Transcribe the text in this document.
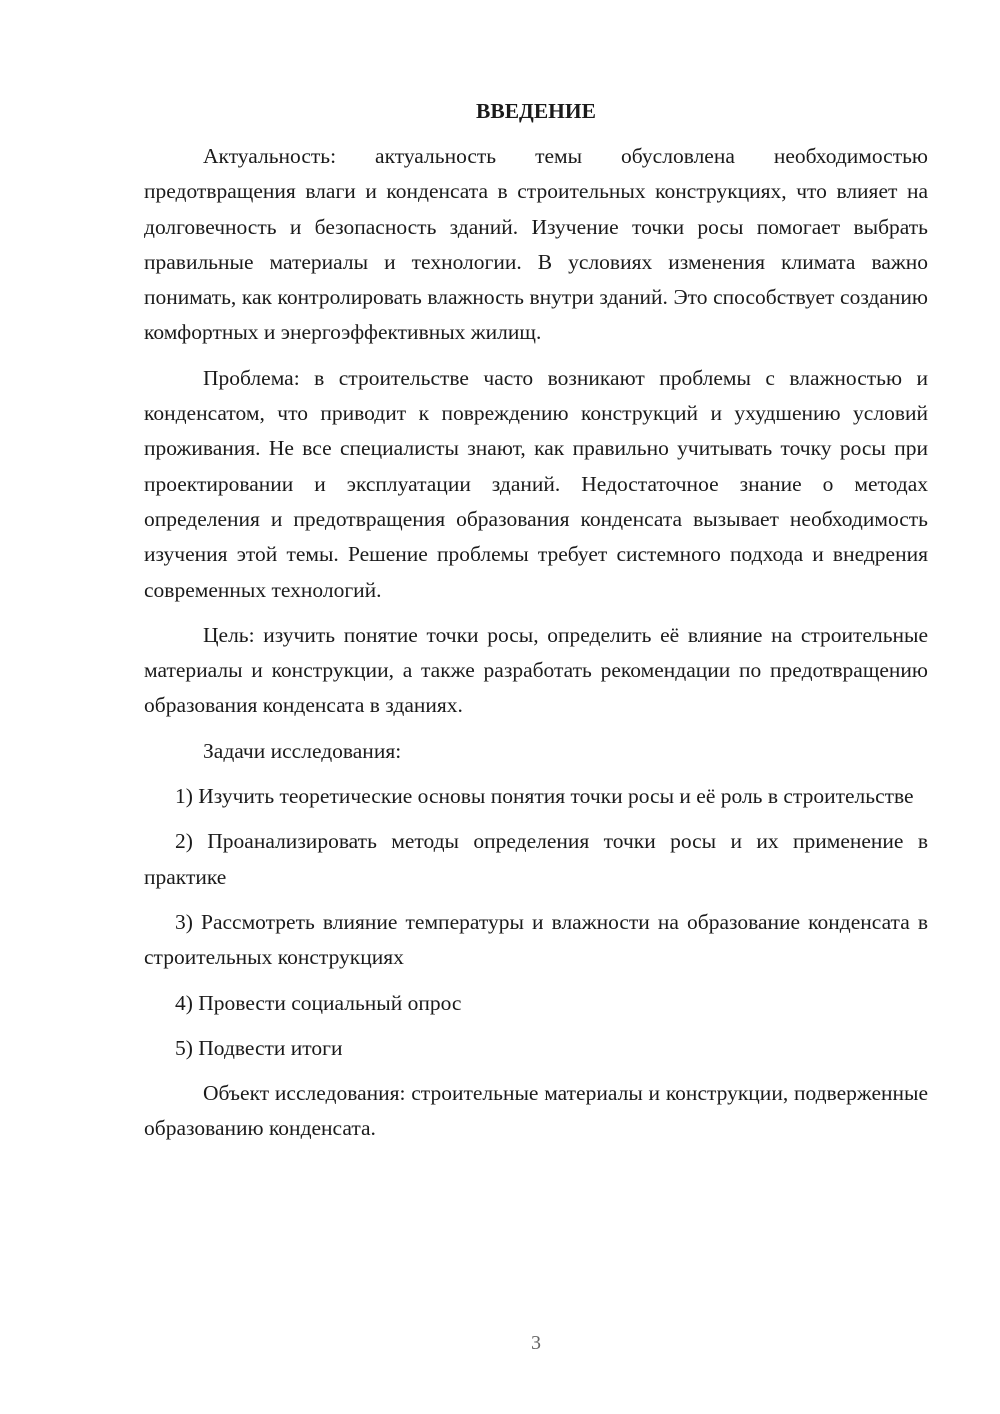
ВВЕДЕНИЕ

Актуальность: актуальность темы обусловлена необходимостью предотвращения влаги и конденсата в строительных конструкциях, что влияет на долговечность и безопасность зданий. Изучение точки росы помогает выбрать правильные материалы и технологии. В условиях изменения климата важно понимать, как контролировать влажность внутри зданий. Это способствует созданию комфортных и энергоэффективных жилищ.

Проблема: в строительстве часто возникают проблемы с влажностью и конденсатом, что приводит к повреждению конструкций и ухудшению условий проживания. Не все специалисты знают, как правильно учитывать точку росы при проектировании и эксплуатации зданий. Недостаточное знание о методах определения и предотвращения образования конденсата вызывает необходимость изучения этой темы. Решение проблемы требует системного подхода и внедрения современных технологий.

Цель: изучить понятие точки росы, определить её влияние на строительные материалы и конструкции, а также разработать рекомендации по предотвращению образования конденсата в зданиях.

Задачи исследования:

1) Изучить теоретические основы понятия точки росы и её роль в строительстве

2) Проанализировать методы определения точки росы и их применение в практике

3) Рассмотреть влияние температуры и влажности на образование конденсата в строительных конструкциях

4) Провести социальный опрос

5) Подвести итоги

Объект исследования: строительные материалы и конструкции, подверженные образованию конденсата.

3
